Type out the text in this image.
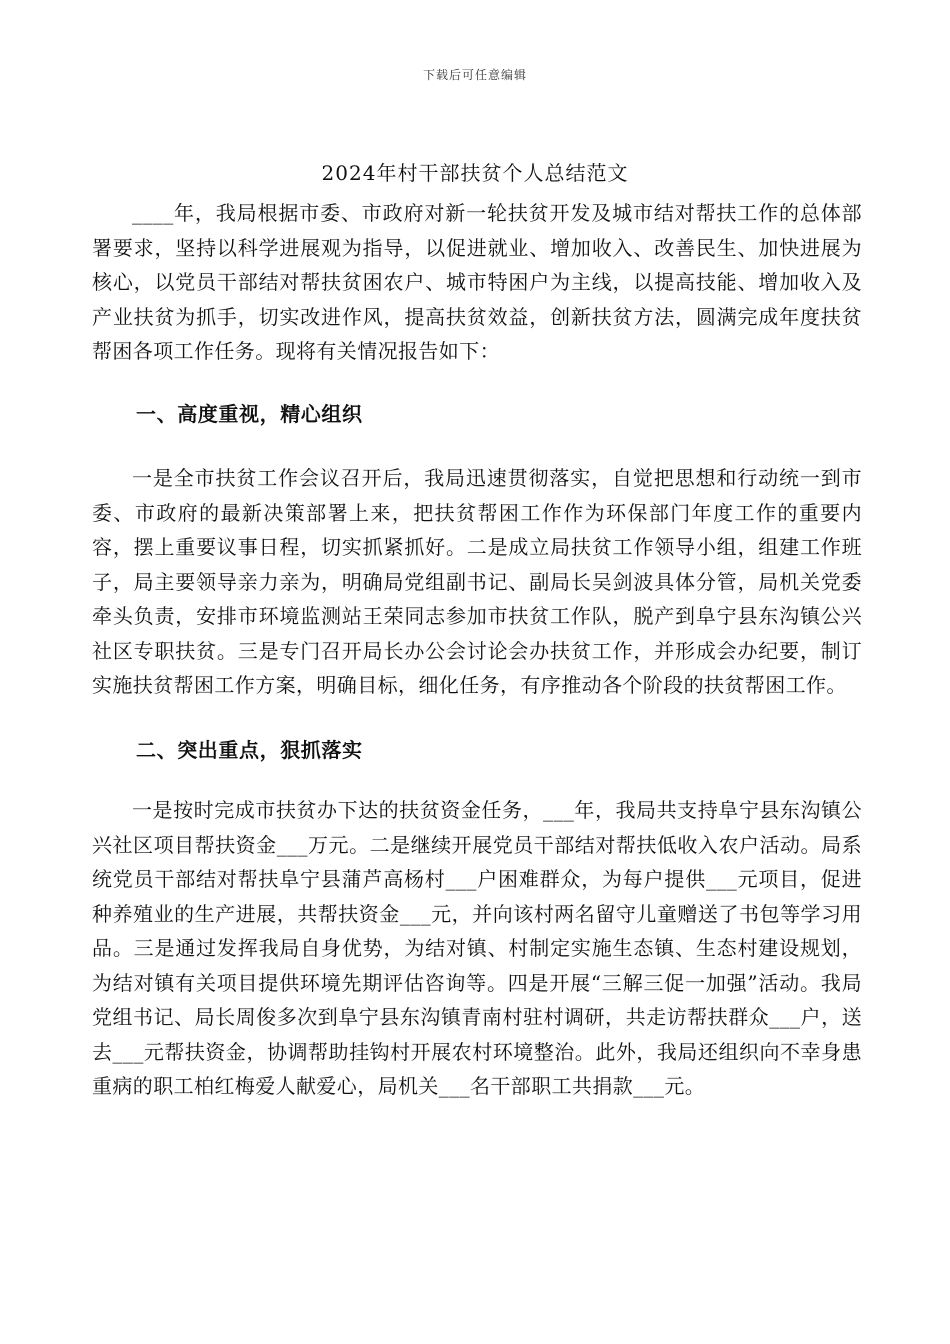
下载后可任意编辑
2024年村干部扶贫个人总结范文

____年，我局根据市委、市政府对新一轮扶贫开发及城市结对帮扶工作的总体部署要求，坚持以科学进展观为指导，以促进就业、增加收入、改善民生、加快进展为核心，以党员干部结对帮扶贫困农户、城市特困户为主线，以提高技能、增加收入及产业扶贫为抓手，切实改进作风，提高扶贫效益，创新扶贫方法，圆满完成年度扶贫帮困各项工作任务。现将有关情况报告如下：

一、高度重视，精心组织

一是全市扶贫工作会议召开后，我局迅速贯彻落实，自觉把思想和行动统一到市委、市政府的最新决策部署上来，把扶贫帮困工作作为环保部门年度工作的重要内容，摆上重要议事日程，切实抓紧抓好。二是成立局扶贫工作领导小组，组建工作班子，局主要领导亲力亲为，明确局党组副书记、副局长吴剑波具体分管，局机关党委牵头负责，安排市环境监测站王荣同志参加市扶贫工作队，脱产到阜宁县东沟镇公兴社区专职扶贫。三是专门召开局长办公会讨论会办扶贫工作，并形成会办纪要，制订实施扶贫帮困工作方案，明确目标，细化任务，有序推动各个阶段的扶贫帮困工作。

二、突出重点，狠抓落实

一是按时完成市扶贫办下达的扶贫资金任务，___年，我局共支持阜宁县东沟镇公兴社区项目帮扶资金___万元。二是继续开展党员干部结对帮扶低收入农户活动。局系统党员干部结对帮扶阜宁县蒲芦高杨村___户困难群众，为每户提供___元项目，促进种养殖业的生产进展，共帮扶资金___元，并向该村两名留守儿童赠送了书包等学习用品。三是通过发挥我局自身优势，为结对镇、村制定实施生态镇、生态村建设规划，为结对镇有关项目提供环境先期评估咨询等。四是开展“三解三促一加强”活动。我局党组书记、局长周俊多次到阜宁县东沟镇青南村驻村调研，共走访帮扶群众___户，送去___元帮扶资金，协调帮助挂钩村开展农村环境整治。此外，我局还组织向不幸身患重病的职工柏红梅爱人献爱心，局机关___名干部职工共捐款___元。
